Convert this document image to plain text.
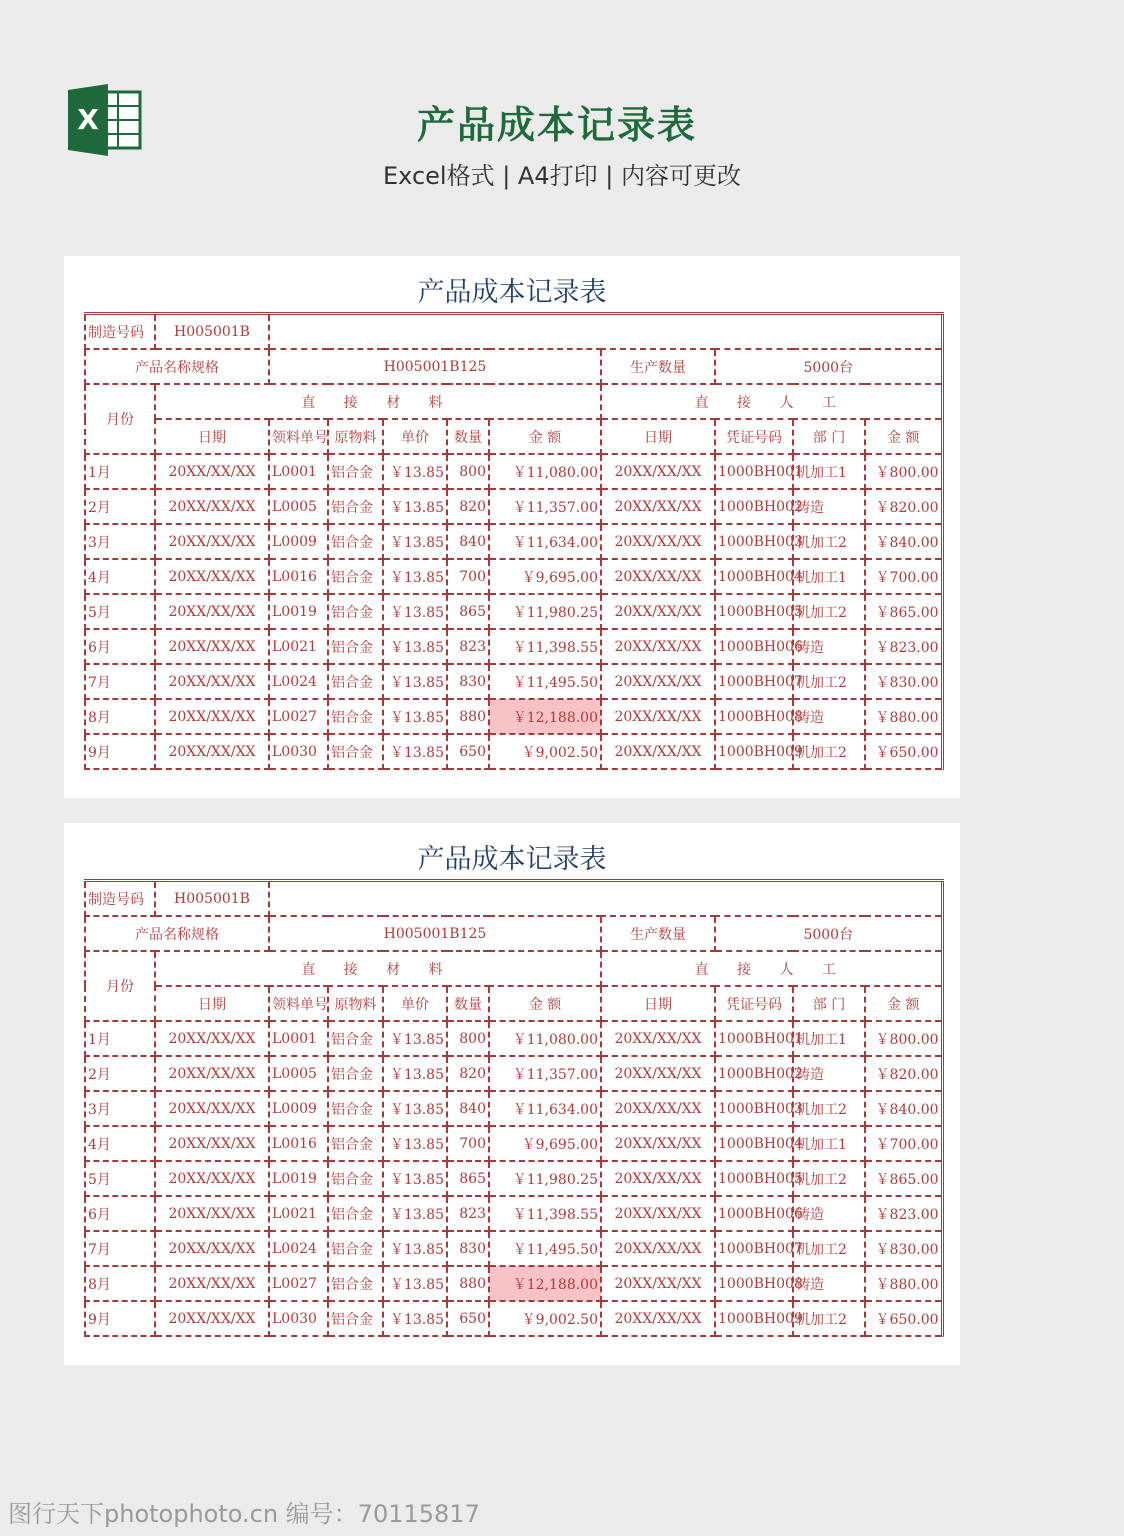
X	产品成本记录表
Excel格式 | A4打印 | 内容可更改
产品成本记录表
制造号码	H005001B									
产品名称规格		H005001B125					生产数量	5000台		
月份	直 接 材 料						直 接 人 工			
	日期	领料单号	原物料	单价	数量	金 额	日期	凭证号码	部 门	金 额
1月	20XX/XX/XX	L0001	铝合金	￥13.85	800	￥11,080.00	20XX/XX/XX	1000BH001	机加工1	￥800.00
2月	20XX/XX/XX	L0005	铝合金	￥13.85	820	￥11,357.00	20XX/XX/XX	1000BH002	铸造	￥820.00
3月	20XX/XX/XX	L0009	铝合金	￥13.85	840	￥11,634.00	20XX/XX/XX	1000BH003	机加工2	￥840.00
4月	20XX/XX/XX	L0016	铝合金	￥13.85	700	￥9,695.00	20XX/XX/XX	1000BH004	机加工1	￥700.00
5月	20XX/XX/XX	L0019	铝合金	￥13.85	865	￥11,980.25	20XX/XX/XX	1000BH005	机加工2	￥865.00
6月	20XX/XX/XX	L0021	铝合金	￥13.85	823	￥11,398.55	20XX/XX/XX	1000BH006	铸造	￥823.00
7月	20XX/XX/XX	L0024	铝合金	￥13.85	830	￥11,495.50	20XX/XX/XX	1000BH007	机加工2	￥830.00
8月	20XX/XX/XX	L0027	铝合金	￥13.85	880	￥12,188.00	20XX/XX/XX	1000BH008	铸造	￥880.00
9月	20XX/XX/XX	L0030	铝合金	￥13.85	650	￥9,002.50	20XX/XX/XX	1000BH009	机加工2	￥650.00
产品成本记录表
制造号码	H005001B									
产品名称规格		H005001B125					生产数量	5000台		
月份	直 接 材 料						直 接 人 工			
	日期	领料单号	原物料	单价	数量	金 额	日期	凭证号码	部 门	金 额
1月	20XX/XX/XX	L0001	铝合金	￥13.85	800	￥11,080.00	20XX/XX/XX	1000BH001	机加工1	￥800.00
2月	20XX/XX/XX	L0005	铝合金	￥13.85	820	￥11,357.00	20XX/XX/XX	1000BH002	铸造	￥820.00
3月	20XX/XX/XX	L0009	铝合金	￥13.85	840	￥11,634.00	20XX/XX/XX	1000BH003	机加工2	￥840.00
4月	20XX/XX/XX	L0016	铝合金	￥13.85	700	￥9,695.00	20XX/XX/XX	1000BH004	机加工1	￥700.00
5月	20XX/XX/XX	L0019	铝合金	￥13.85	865	￥11,980.25	20XX/XX/XX	1000BH005	机加工2	￥865.00
6月	20XX/XX/XX	L0021	铝合金	￥13.85	823	￥11,398.55	20XX/XX/XX	1000BH006	铸造	￥823.00
7月	20XX/XX/XX	L0024	铝合金	￥13.85	830	￥11,495.50	20XX/XX/XX	1000BH007	机加工2	￥830.00
8月	20XX/XX/XX	L0027	铝合金	￥13.85	880	￥12,188.00	20XX/XX/XX	1000BH008	铸造	￥880.00
9月	20XX/XX/XX	L0030	铝合金	￥13.85	650	￥9,002.50	20XX/XX/XX	1000BH009	机加工2	￥650.00
图行天下photophoto.cn 编号：70115817
